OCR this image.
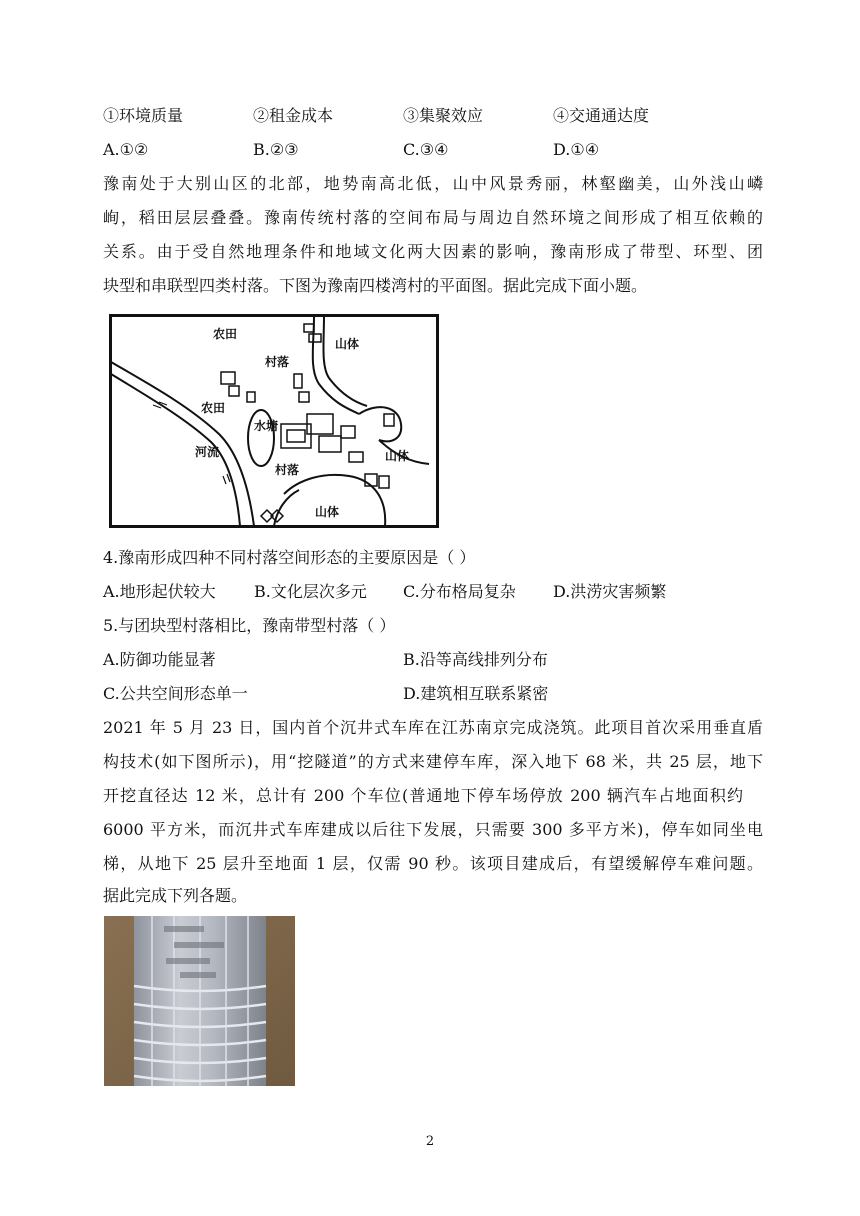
①环境质量	②租金成本	③集聚效应	④交通通达度
A.①②	B.②③	C.③④	D.①④
豫南处于大别山区的北部，地势南高北低，山中风景秀丽，林壑幽美，山外浅山嶙
峋，稻田层层叠叠。豫南传统村落的空间布局与周边自然环境之间形成了相互依赖的
关系。由于受自然地理条件和地域文化两大因素的影响，豫南形成了带型、环型、团
块型和串联型四类村落。下图为豫南四楼湾村的平面图。据此完成下面小题。
农田
村落
山体
农田
水塘
河流
村落
山体
山体
4.豫南形成四种不同村落空间形态的主要原因是（ ）
A.地形起伏较大 B.文化层次多元 C.分布格局复杂 D.洪涝灾害频繁
5.与团块型村落相比，豫南带型村落（ ）
A.防御功能显著	B.沿等高线排列分布
C.公共空间形态单一	D.建筑相互联系紧密
2021 年 5 月 23 日，国内首个沉井式车库在江苏南京完成浇筑。此项目首次采用垂直盾
构技术(如下图所示)，用“挖隧道”的方式来建停车库，深入地下 68 米，共 25 层，地下
开挖直径达 12 米，总计有 200 个车位(普通地下停车场停放 200 辆汽车占地面积约
6000 平方米，而沉井式车库建成以后往下发展，只需要 300 多平方米)，停车如同坐电
梯，从地下 25 层升至地面 1 层，仅需 90 秒。该项目建成后，有望缓解停车难问题。
据此完成下列各题。
2
